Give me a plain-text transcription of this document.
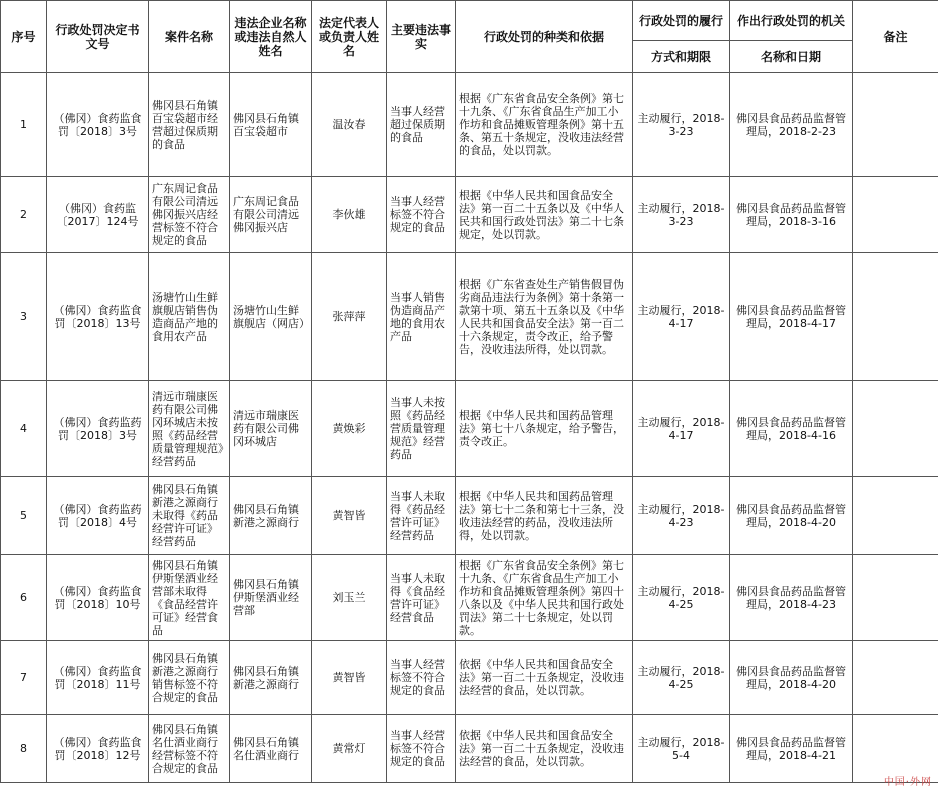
序号	行政处罚决定书文号	案件名称	违法企业名称或违法自然人姓名	法定代表人或负责人姓名	主要违法事实	行政处罚的种类和依据	行政处罚的履行	作出行政处罚的机关	备注
							方式和期限	名称和日期	
1	（佛冈）食药监食罚〔2018〕3号	佛冈县石角镇百宝袋超市经营超过保质期的食品	佛冈县石角镇百宝袋超市	温汝春	当事人经营超过保质期的食品	根据《广东省食品安全条例》第七十九条、《广东省食品生产加工小作坊和食品摊贩管理条例》第十五条、第五十条规定，没收违法经营的食品，处以罚款。	主动履行，2018-3-23	佛冈县食品药品监督管理局，2018-2-23	
2	（佛冈）食药监〔2017〕124号	广东周记食品有限公司清远佛冈振兴店经营标签不符合规定的食品	广东周记食品有限公司清远佛冈振兴店	李伙雄	当事人经营标签不符合规定的食品	根据《中华人民共和国食品安全法》第一百二十五条以及《中华人民共和国行政处罚法》第二十七条规定，处以罚款。	主动履行，2018-3-23	佛冈县食品药品监督管理局，2018-3-16	
3	（佛冈）食药监食罚〔2018〕13号	汤塘竹山生鲜旗舰店销售伪造商品产地的食用农产品	汤塘竹山生鲜旗舰店（网店）	张萍萍	当事人销售伪造商品产地的食用农产品	根据《广东省查处生产销售假冒伪劣商品违法行为条例》第十条第一款第十项、第五十五条以及《中华人民共和国食品安全法》第一百二十六条规定，责令改正，给予警告，没收违法所得，处以罚款。	主动履行，2018-4-17	佛冈县食品药品监督管理局，2018-4-17	
4	（佛冈）食药监药罚〔2018〕3号	清远市瑞康医药有限公司佛冈环城店未按照《药品经营质量管理规范》经营药品	清远市瑞康医药有限公司佛冈环城店	黄焕彩	当事人未按照《药品经营质量管理规范》经营药品	根据《中华人民共和国药品管理法》第七十八条规定，给予警告，责令改正。	主动履行，2018-4-17	佛冈县食品药品监督管理局，2018-4-16	
5	（佛冈）食药监药罚〔2018〕4号	佛冈县石角镇新港之源商行未取得《药品经营许可证》经营药品	佛冈县石角镇新港之源商行	黄智皆	当事人未取得《药品经营许可证》经营药品	根据《中华人民共和国药品管理法》第七十二条和第七十三条，没收违法经营的药品，没收违法所得，处以罚款。	主动履行，2018-4-23	佛冈县食品药品监督管理局，2018-4-20	
6	（佛冈）食药监食罚〔2018〕10号	佛冈县石角镇伊斯堡酒业经营部未取得《食品经营许可证》经营食品	佛冈县石角镇伊斯堡酒业经营部	刘玉兰	当事人未取得《食品经营许可证》经营食品	根据《广东省食品安全条例》第七十九条、《广东省食品生产加工小作坊和食品摊贩管理条例》第四十八条以及《中华人民共和国行政处罚法》第二十七条规定，处以罚款。	主动履行，2018-4-25	佛冈县食品药品监督管理局，2018-4-23	
7	（佛冈）食药监食罚〔2018〕11号	佛冈县石角镇新港之源商行销售标签不符合规定的食品	佛冈县石角镇新港之源商行	黄智皆	当事人经营标签不符合规定的食品	依据《中华人民共和国食品安全法》第一百二十五条规定，没收违法经营的食品，处以罚款。	主动履行，2018-4-25	佛冈县食品药品监督管理局，2018-4-20	
8	（佛冈）食药监食罚〔2018〕12号	佛冈县石角镇名仕酒业商行经营标签不符合规定的食品	佛冈县石角镇名仕酒业商行	黄常灯	当事人经营标签不符合规定的食品	依据《中华人民共和国食品安全法》第一百二十五条规定，没收违法经营的食品，处以罚款。	主动履行，2018-5-4	佛冈县食品药品监督管理局，2018-4-21	
中国·外网
